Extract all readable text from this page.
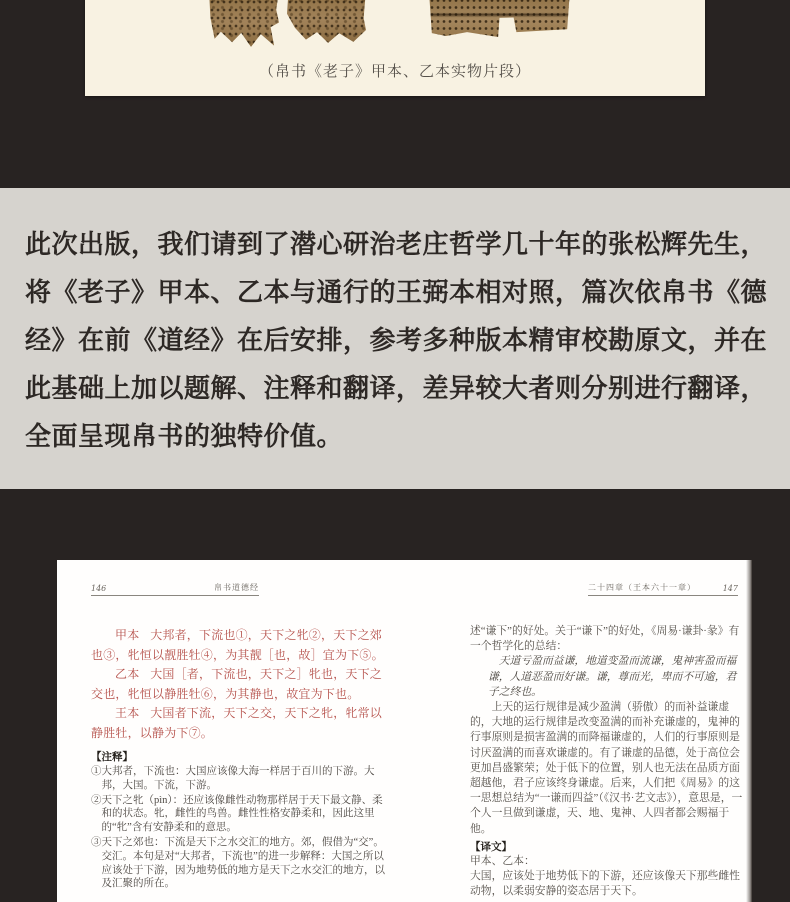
（帛书《老子》甲本、乙本实物片段）
此次出版，我们请到了潜心研治老庄哲学几十年的张松辉先生，
将《老子》甲本、乙本与通行的王弼本相对照，篇次依帛书《德
经》在前《道经》在后安排，参考多种版本精审校勘原文，并在
此基础上加以题解、注释和翻译，差异较大者则分别进行翻译，
全面呈现帛书的独特价值。
146	帛书道德经

甲本 大邦者，下流也①，天下之牝②，天下之郊也③，牝恒以靓胜牡④，为其靓［也，故］宜为下⑤。

乙本 大国［者，下流也，天下之］牝也，天下之交也，牝恒以静胜牡⑥，为其静也，故宜为下也。

王本 大国者下流，天下之交，天下之牝，牝常以静胜牡，以静为下⑦。

【注释】

①大邦者，下流也：大国应该像大海一样居于百川的下游。大邦，大国。下流，下游。

②天下之牝（pìn）：还应该像雌性动物那样居于天下最文静、柔和的状态。牝，雌性的鸟兽。雌性性格安静柔和，因此这里的“牝”含有安静柔和的意思。

③天下之郊也：下流是天下之水交汇的地方。郊，假借为“交”。交汇。本句是对“大邦者，下流也”的进一步解释：大国之所以应该处于下游，因为地势低的地方是天下之水交汇的地方，以及汇聚的所在。

二十四章（王本六十一章）	147

述“谦下”的好处。关于“谦下”的好处，《周易·谦卦·彖》有一个哲学化的总结：

天道亏盈而益谦，地道变盈而流谦，鬼神害盈而福谦，人道恶盈而好谦。谦，尊而光，卑而不可逾，君子之终也。

上天的运行规律是减少盈满（骄傲）的而补益谦虚的，大地的运行规律是改变盈满的而补充谦虚的，鬼神的行事原则是损害盈满的而降福谦虚的，人们的行事原则是讨厌盈满的而喜欢谦虚的。有了谦虚的品德，处于高位会更加昌盛繁荣；处于低下的位置，别人也无法在品质方面超越他，君子应该终身谦虚。后来，人们把《周易》的这一思想总结为“一谦而四益”（《汉书·艺文志》），意思是，一个人一旦做到谦虚，天、地、鬼神、人四者都会赐福于他。

【译文】

甲本、乙本：

大国，应该处于地势低下的下游，还应该像天下那些雌性动物，以柔弱安静的姿态居于天下。
